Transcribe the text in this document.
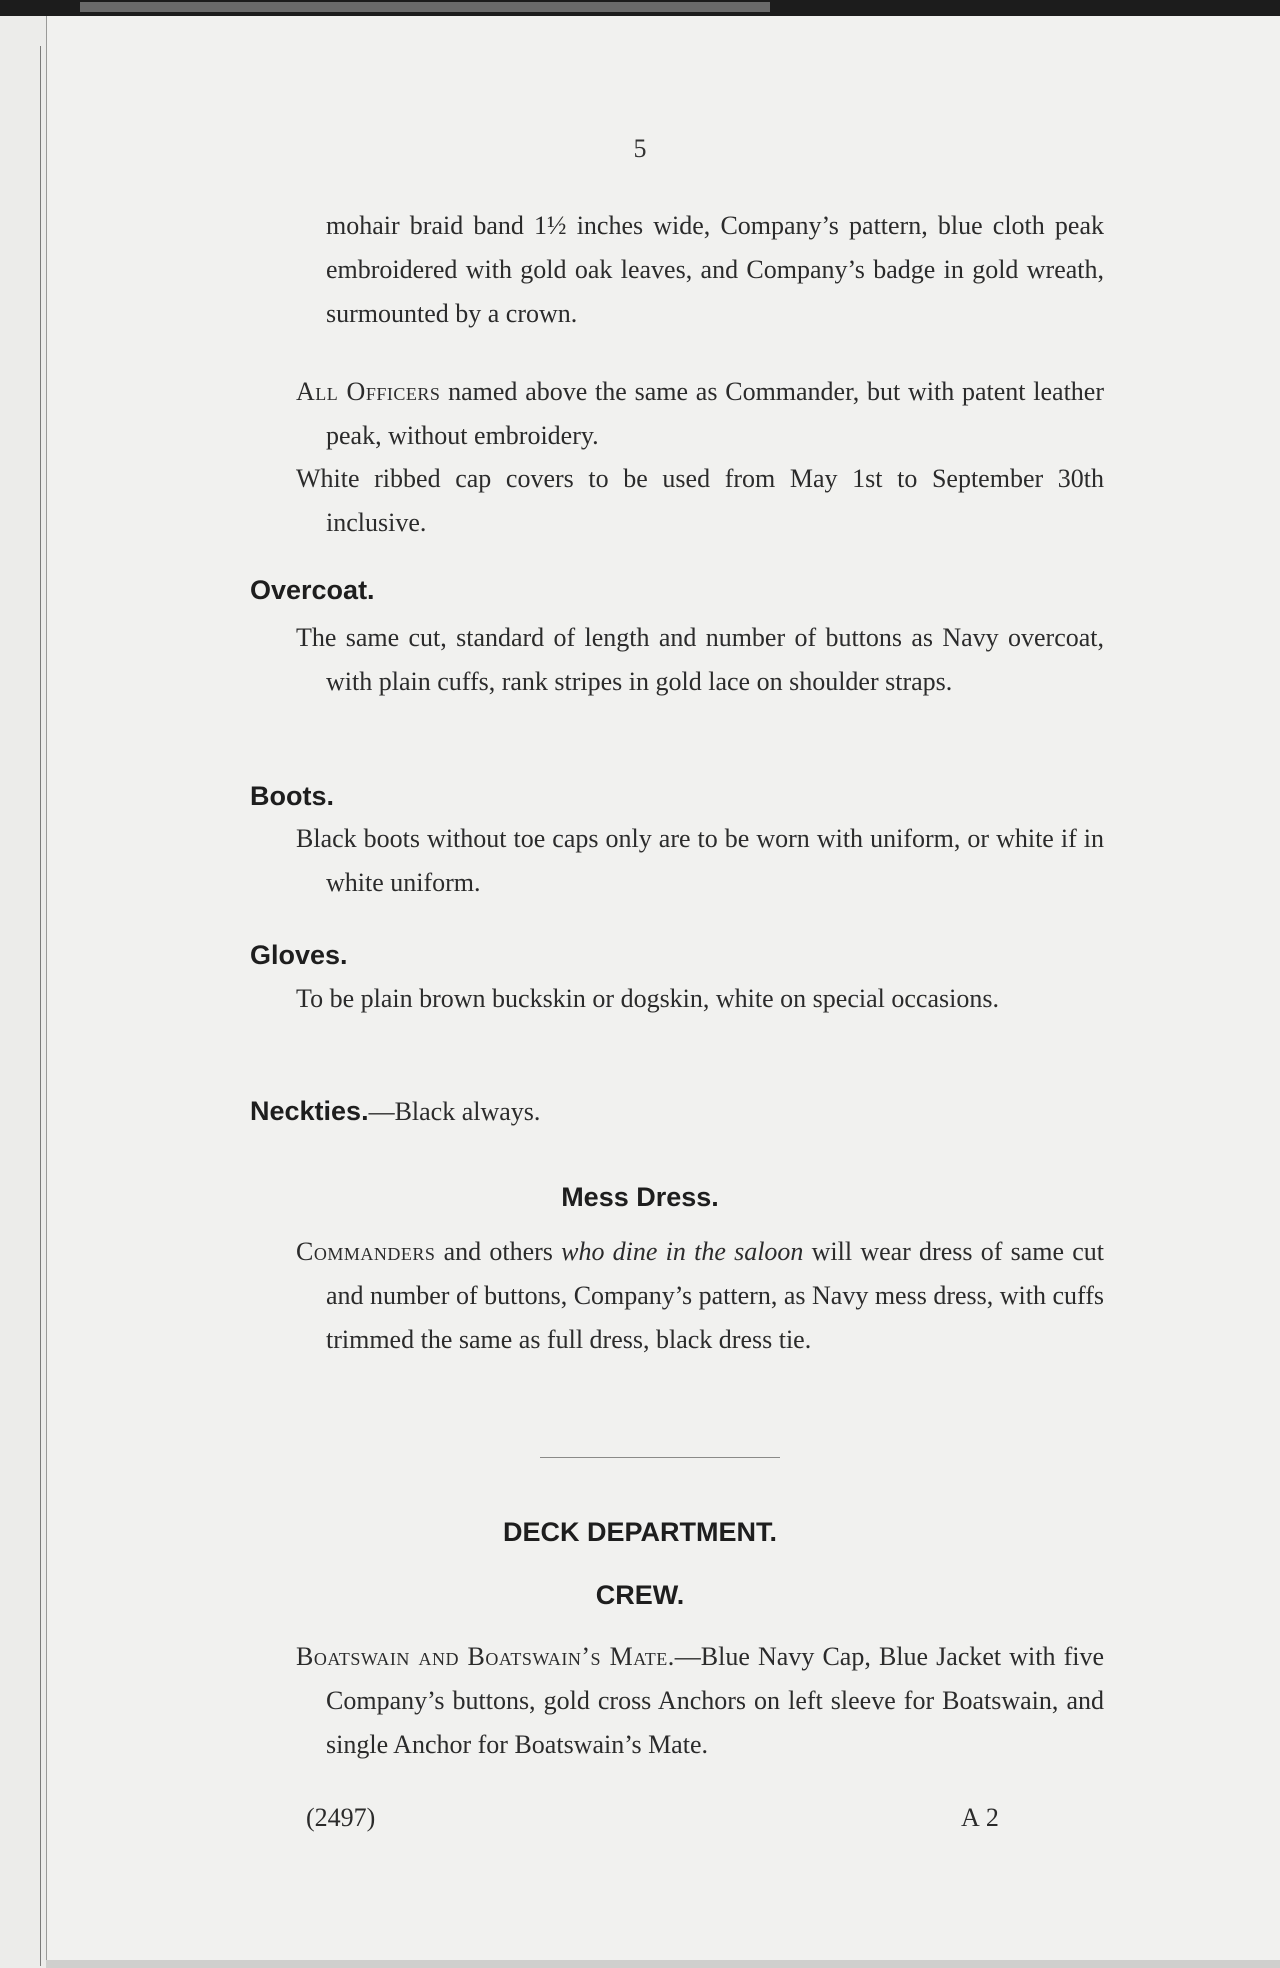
5

mohair braid band 1½ inches wide, Company’s pattern, blue cloth peak embroidered with gold oak leaves, and Company’s badge in gold wreath, surmounted by a crown.

All Officers named above the same as Commander, but with patent leather peak, without embroidery.

White ribbed cap covers to be used from May 1st to September 30th inclusive.

Overcoat.

The same cut, standard of length and number of buttons as Navy overcoat, with plain cuffs, rank stripes in gold lace on shoulder straps.

Boots.

Black boots without toe caps only are to be worn with uniform, or white if in white uniform.

Gloves.

To be plain brown buckskin or dogskin, white on special occasions.

Neckties.—Black always.

Mess Dress.

Commanders and others who dine in the saloon will wear dress of same cut and number of buttons, Company’s pattern, as Navy mess dress, with cuffs trimmed the same as full dress, black dress tie.

DECK DEPARTMENT.
CREW.

Boatswain and Boatswain’s Mate.—Blue Navy Cap, Blue Jacket with five Company’s buttons, gold cross Anchors on left sleeve for Boatswain, and single Anchor for Boatswain’s Mate.

(2497)	A 2
